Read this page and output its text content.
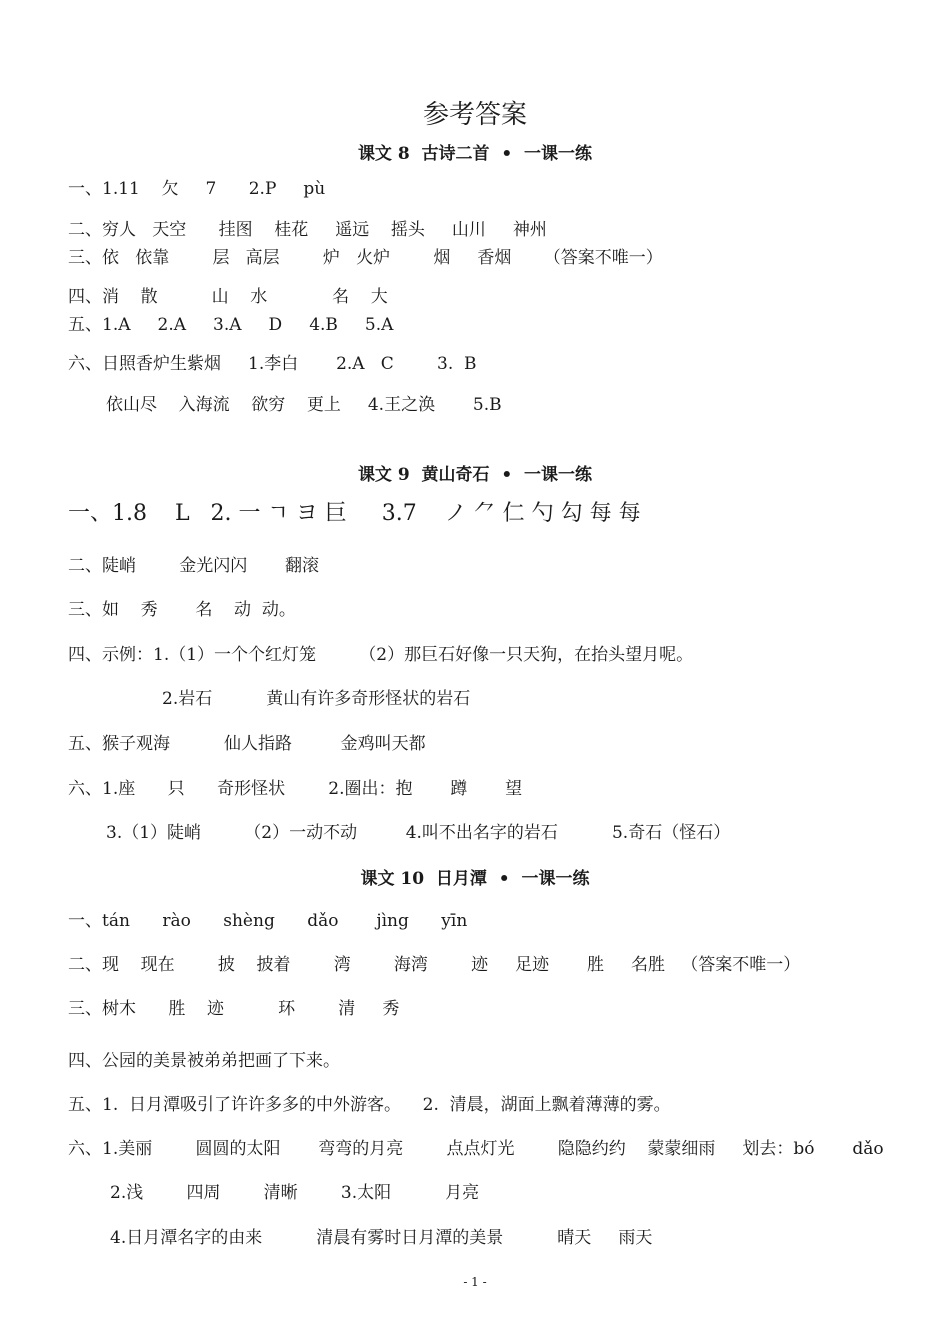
参考答案
课文 8  古诗二首  •  一课一练

一、1.11    欠     7      2.P     pù

二、穷人   天空      挂图    桂花     遥远    摇头     山川     神州

三、依   依靠        层   高层        炉   火炉        烟     香烟      （答案不唯一）

四、消    散          山    水            名    大

五、1.A     2.A     3.A     D     4.B     5.A

六、日照香炉生紫烟     1.李白       2.A   C        3.  B

依山尽    入海流    欲穷    更上     4.王之涣       5.B

课文 9  黄山奇石  •  一课一练

一、1.8    L   2. ⼀ ㄱ ヨ 巨     3.7    ノ ⺈ 仁 勺 勾 每 每

二、陡峭        金光闪闪       翻滚

三、如    秀       名    动  动。

四、示例：1.（1）一个个红灯笼        （2）那巨石好像一只天狗，在抬头望月呢。

2.岩石          黄山有许多奇形怪状的岩石

五、猴子观海          仙人指路         金鸡叫天都

六、1.座      只      奇形怪状        2.圈出：抱       蹲       望

3.（1）陡峭        （2）一动不动         4.叫不出名字的岩石          5.奇石（怪石）

课文 10  日月潭  •  一课一练

一、tán      rào      shèng      dǎo       jìng      yīn

二、现    现在        披    披着        湾        海湾        迹     足迹       胜     名胜   （答案不唯一）

三、树木      胜    迹          环        清     秀

四、公园的美景被弟弟把画了下来。

五、1.  日月潭吸引了许许多多的中外游客。    2.  清晨，湖面上飘着薄薄的雾。

六、1.美丽        圆圆的太阳       弯弯的月亮        点点灯光        隐隐约约    蒙蒙细雨     划去：bó       dǎo

2.浅        四周        清晰        3.太阳          月亮

4.日月潭名字的由来          清晨有雾时日月潭的美景          晴天     雨天

- 1 -
